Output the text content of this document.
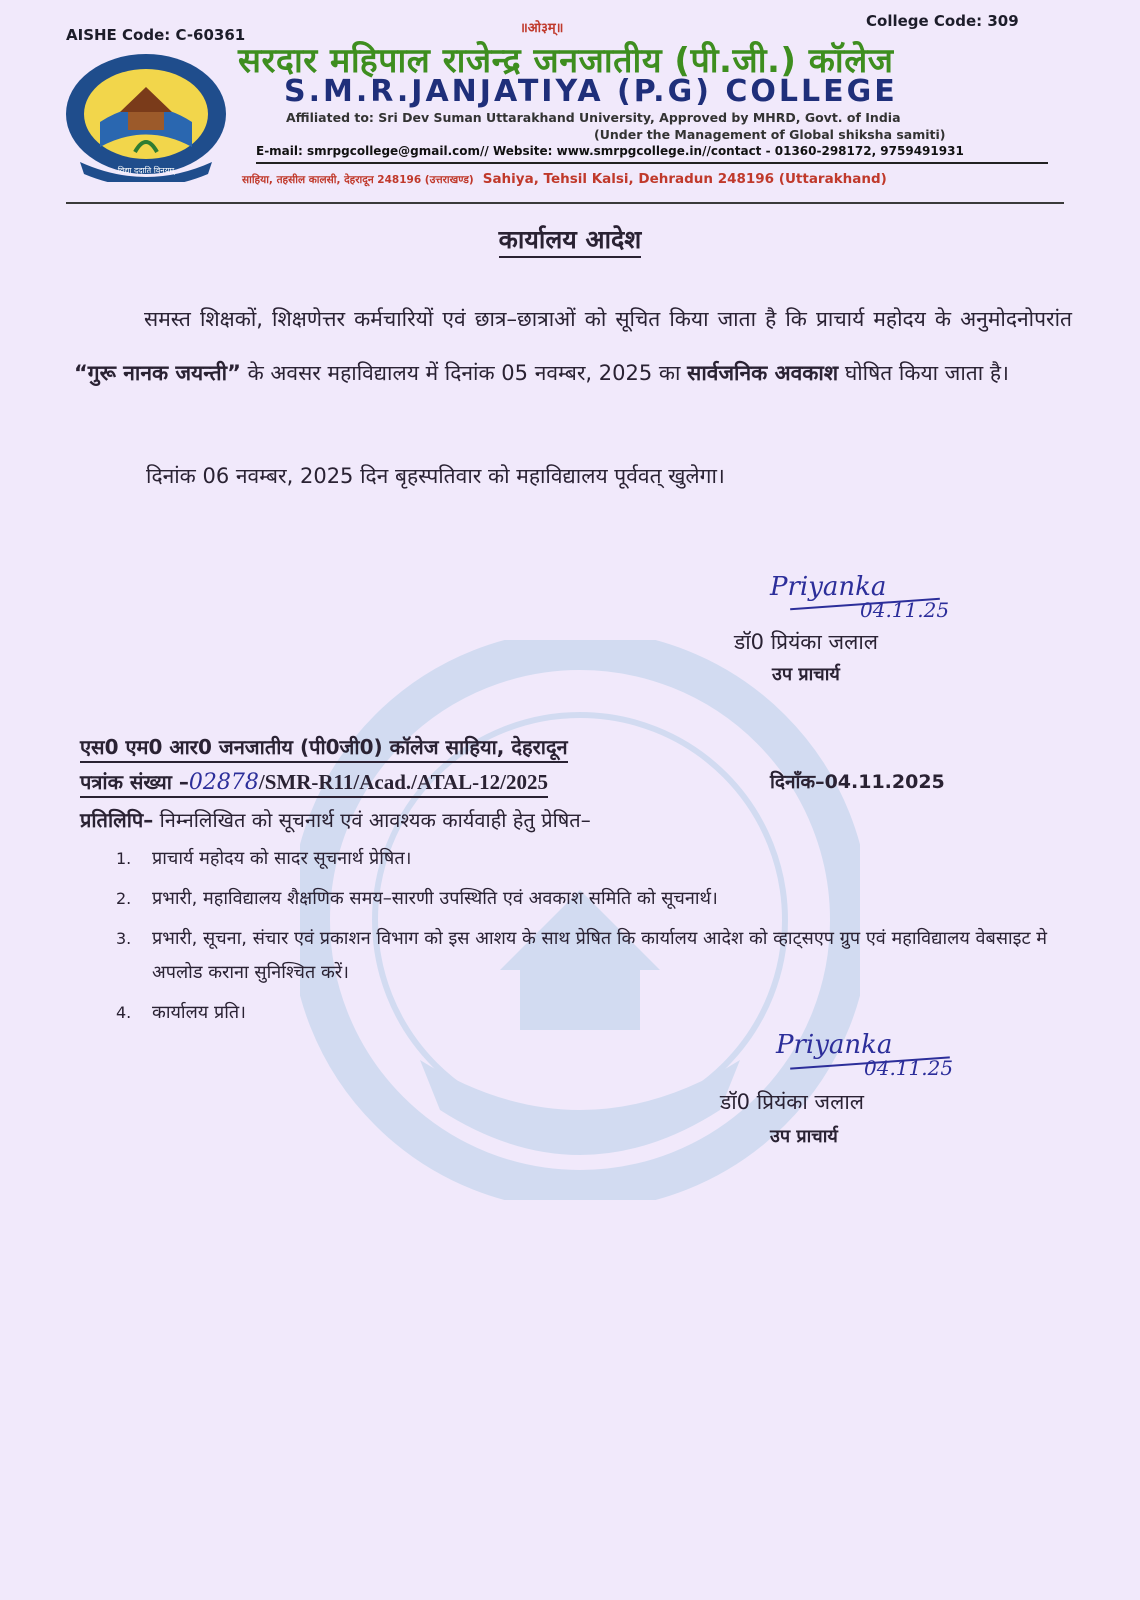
AISHE Code: C-60361	॥ओ३म्॥	College Code: 309
विद्या ददाति विनयम्
सरदार महिपाल राजेन्द्र जनजातीय (पी.जी.) कॉलेज
S.M.R.JANJATIYA (P.G) COLLEGE
Affiliated to: Sri Dev Suman Uttarakhand University, Approved by MHRD, Govt. of India
(Under the Management of Global shiksha samiti)
E-mail: smrpgcollege@gmail.com// Website: www.smrpgcollege.in//contact - 01360-298172, 9759491931
साहिया, तहसील कालसी, देहरादून 248196 (उत्तराखण्ड) Sahiya, Tehsil Kalsi, Dehradun 248196 (Uttarakhand)
कार्यालय आदेश
समस्त शिक्षकों, शिक्षणेत्तर कर्मचारियों एवं छात्र–छात्राओं को सूचित किया जाता है कि प्राचार्य महोदय के अनुमोदनोपरांत “गुरू नानक जयन्ती” के अवसर महाविद्यालय में दिनांक 05 नवम्बर, 2025 का सार्वजनिक अवकाश घोषित किया जाता है।
दिनांक 06 नवम्बर, 2025 दिन बृहस्पतिवार को महाविद्यालय पूर्ववत् खुलेगा।
Priyanka
04.11.25
डॉ0 प्रियंका जलाल
उप प्राचार्य
एस0 एम0 आर0 जनजातीय (पी0जी0) कॉलेज साहिया, देहरादून
पत्रांक संख्या –02878/SMR-R11/Acad./ATAL-12/2025	दिनाँक–04.11.2025
प्रतिलिपि– निम्नलिखित को सूचनार्थ एवं आवश्यक कार्यवाही हेतु प्रेषित–
1.	प्राचार्य महोदय को सादर सूचनार्थ प्रेषित।
2.	प्रभारी, महाविद्यालय शैक्षणिक समय–सारणी उपस्थिति एवं अवकाश समिति को सूचनार्थ।
3.	प्रभारी, सूचना, संचार एवं प्रकाशन विभाग को इस आशय के साथ प्रेषित कि कार्यालय आदेश को व्हाट्सएप ग्रुप एवं महाविद्यालय वेबसाइट मे अपलोड कराना सुनिश्चित करें।
4.	कार्यालय प्रति।
Priyanka
04.11.25
डॉ0 प्रियंका जलाल
उप प्राचार्य
